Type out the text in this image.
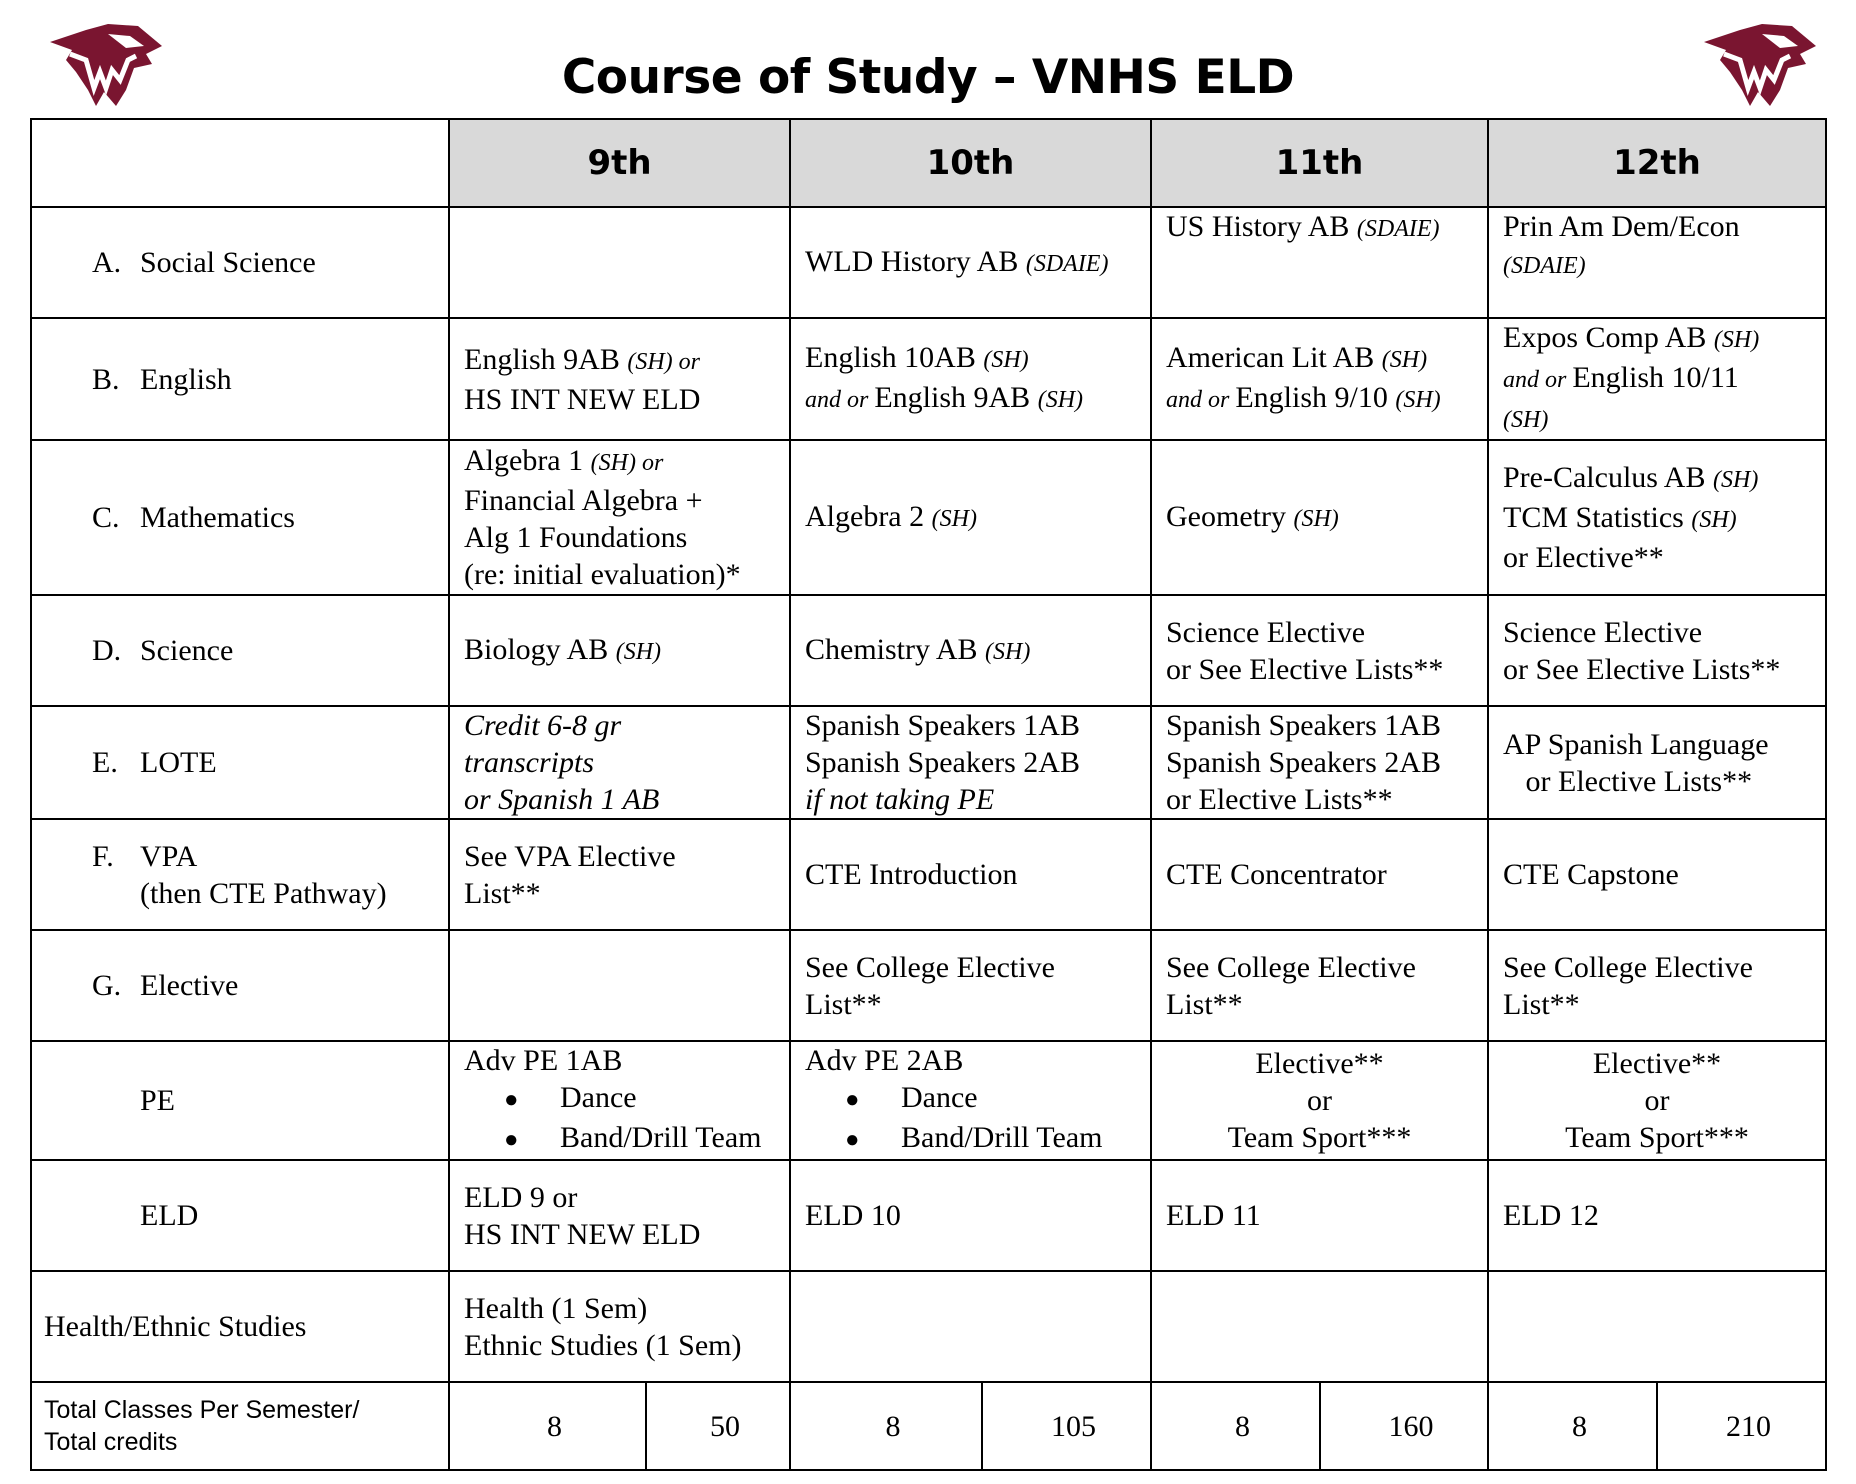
Course of Study – VNHS ELD
	9th		10th		11th		12th	
A. Social Science			WLD History AB (SDAIE)		US History AB (SDAIE)		Prin Am Dem/Econ
(SDAIE)	

B. English	English 9AB (SH) or
HS INT NEW ELD		English 10AB (SH)
and or English 9AB (SH)		American Lit AB (SH)
and or English 9/10 (SH)		Expos Comp AB (SH)
and or English 10/11
(SH)	

C. Mathematics	Algebra 1 (SH) or
Financial Algebra +
Alg 1 Foundations
(re: initial evaluation)*		Algebra 2 (SH)		Geometry (SH)		Pre-Calculus AB (SH)
TCM Statistics (SH)
or Elective**	

D. Science	Biology AB (SH)		Chemistry AB (SH)		Science Elective
or See Elective Lists**		Science Elective
or See Elective Lists**	

E. LOTE	Credit 6-8 gr
transcripts
or Spanish 1 AB		Spanish Speakers 1AB
Spanish Speakers 2AB
if not taking PE		Spanish Speakers 1AB
Spanish Speakers 2AB
or Elective Lists**		AP Spanish Language
or Elective Lists**	

F. VPA
(then CTE Pathway)	See VPA Elective
List**		CTE Introduction		CTE Concentrator		CTE Capstone	

G. Elective			See College Elective
List**		See College Elective
List**		See College Elective
List**	

PE	Adv PE 1AB
● Dance
● Band/Drill Team		Adv PE 2AB
● Dance
● Band/Drill Team		Elective**
or
Team Sport***		Elective**
or
Team Sport***	

ELD	ELD 9 or
HS INT NEW ELD		ELD 10		ELD 11		ELD 12	

Health/Ethnic Studies	Health (1 Sem)
Ethnic Studies (1 Sem)							

Total Classes Per Semester/
Total credits	8	50	8	105	8	160	8	210
